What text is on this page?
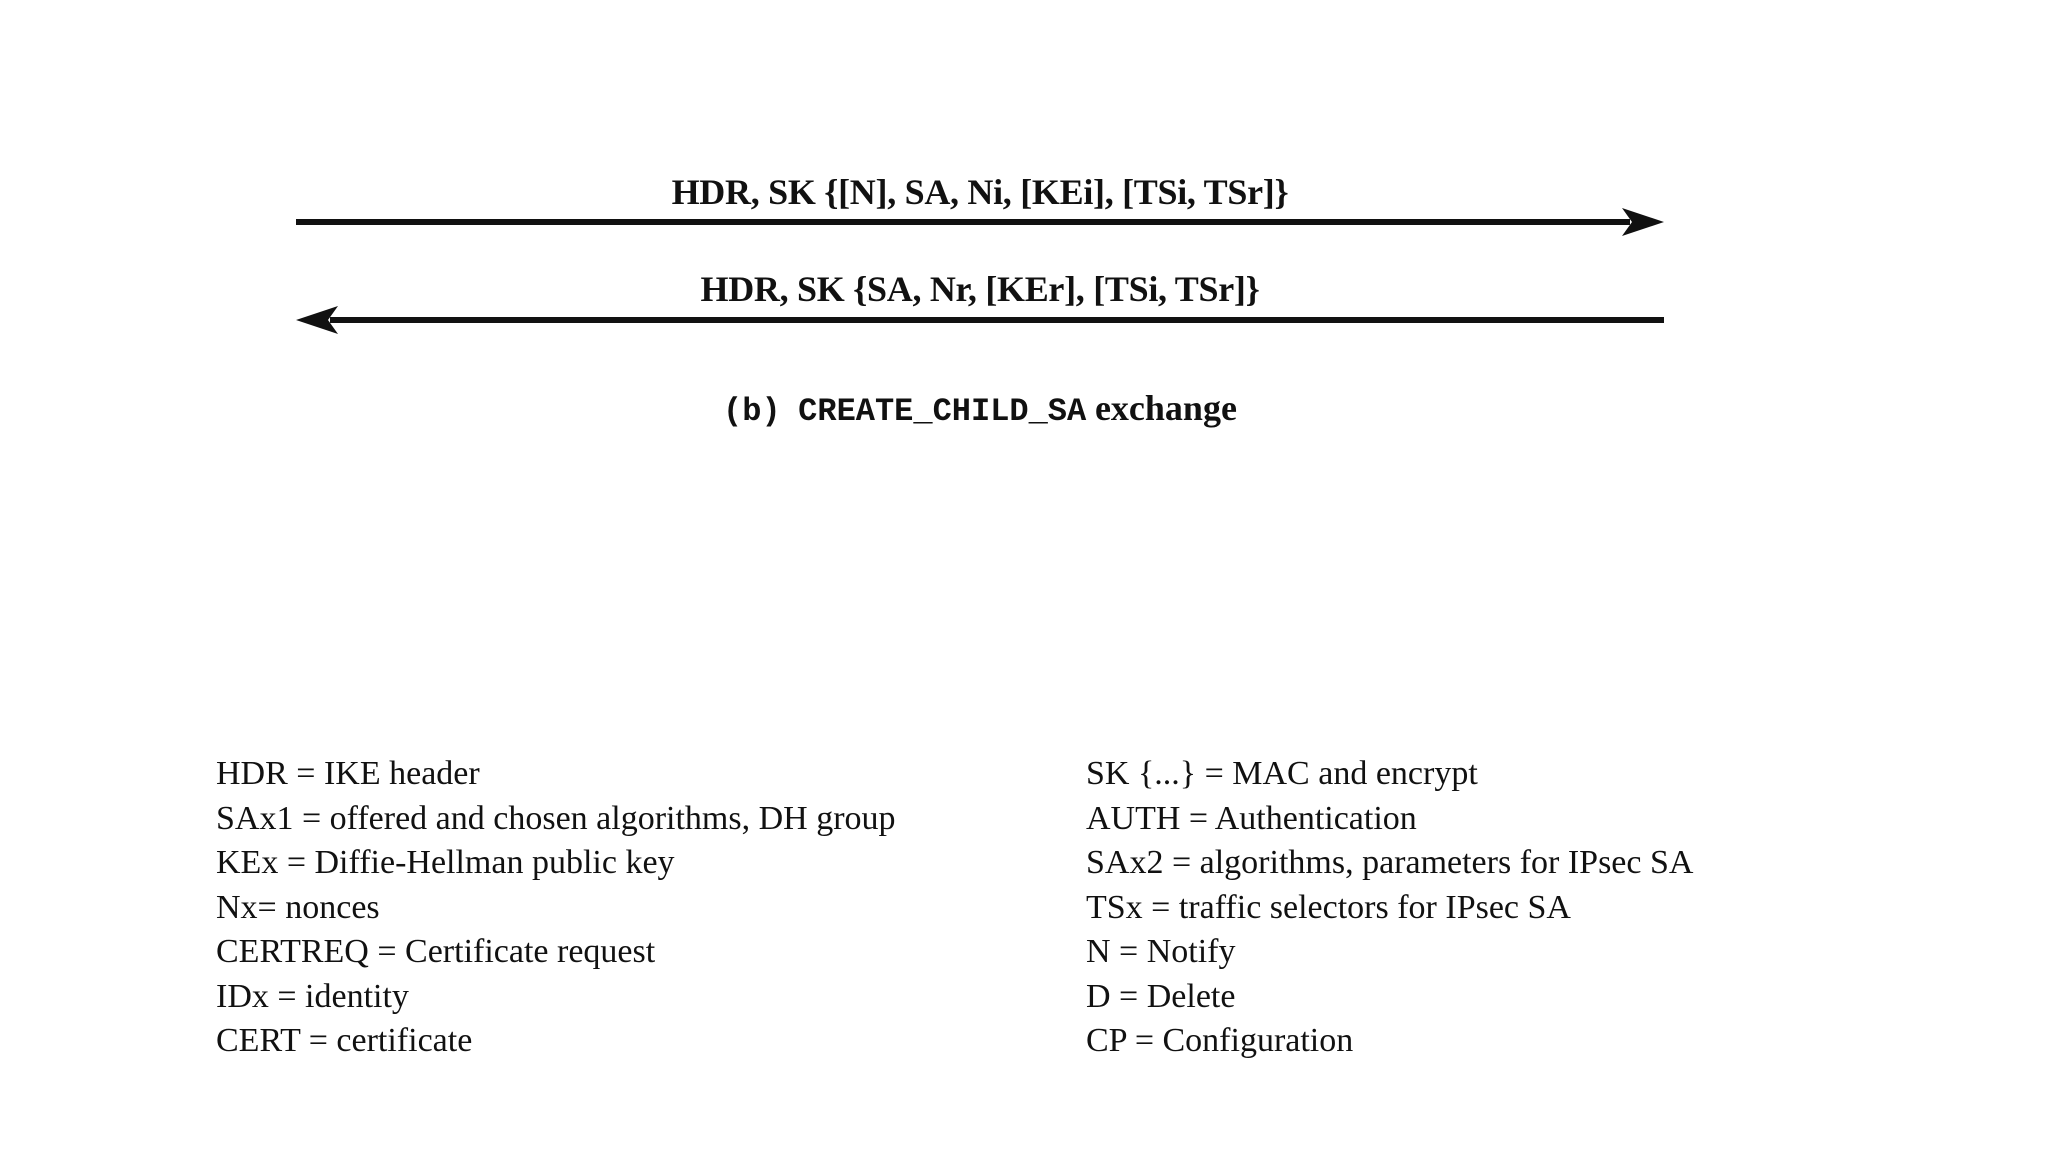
HDR, SK {[N], SA, Ni, [KEi], [TSi, TSr]}
HDR, SK {SA, Nr, [KEr], [TSi, TSr]}
(b) CREATE_CHILD_SA exchange
HDR = IKE header
SAx1 = offered and chosen algorithms, DH group
KEx = Diffie-Hellman public key
Nx= nonces
CERTREQ = Certificate request
IDx = identity
CERT = certificate
SK {...} = MAC and encrypt
AUTH = Authentication
SAx2 = algorithms, parameters for IPsec SA
TSx = traffic selectors for IPsec SA
N = Notify
D = Delete
CP = Configuration
